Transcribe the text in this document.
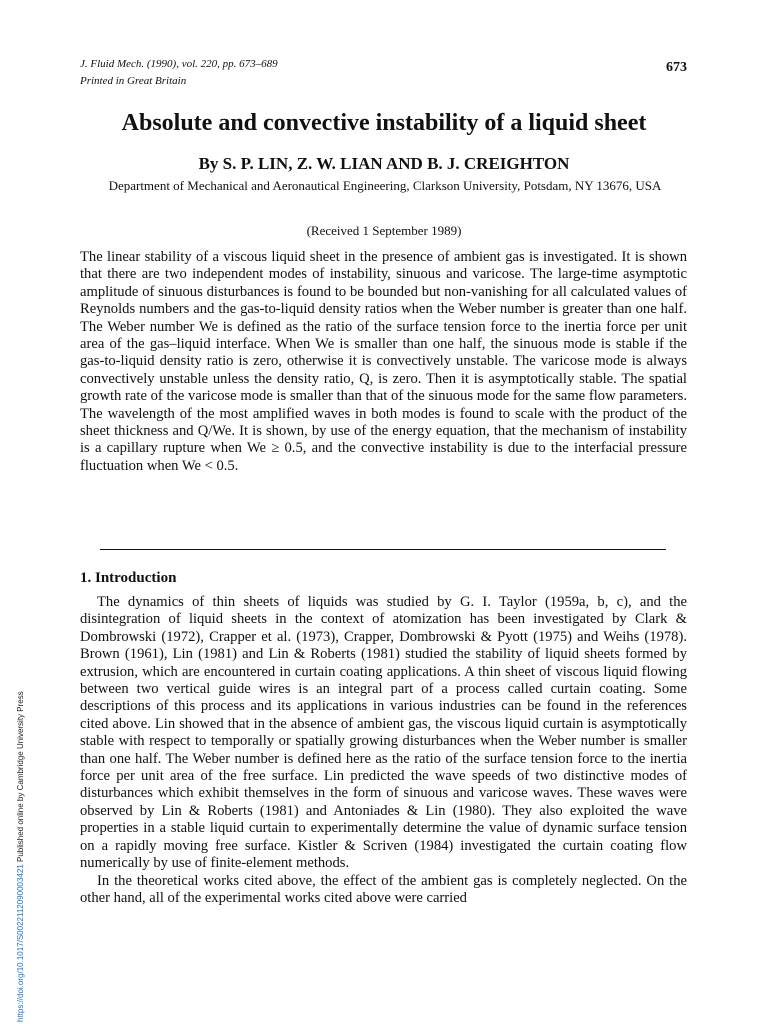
J. Fluid Mech. (1990), vol. 220, pp. 673–689	673
Printed in Great Britain
Absolute and convective instability of a liquid sheet
By S. P. LIN, Z. W. LIAN AND B. J. CREIGHTON
Department of Mechanical and Aeronautical Engineering, Clarkson University, Potsdam, NY 13676, USA
(Received 1 September 1989)

The linear stability of a viscous liquid sheet in the presence of ambient gas is investigated. It is shown that there are two independent modes of instability, sinuous and varicose. The large-time asymptotic amplitude of sinuous disturbances is found to be bounded but non-vanishing for all calculated values of Reynolds numbers and the gas-to-liquid density ratios when the Weber number is greater than one half. The Weber number We is defined as the ratio of the surface tension force to the inertia force per unit area of the gas–liquid interface. When We is smaller than one half, the sinuous mode is stable if the gas-to-liquid density ratio is zero, otherwise it is convectively unstable. The varicose mode is always convectively unstable unless the density ratio, Q, is zero. Then it is asymptotically stable. The spatial growth rate of the varicose mode is smaller than that of the sinuous mode for the same flow parameters. The wavelength of the most amplified waves in both modes is found to scale with the product of the sheet thickness and Q/We. It is shown, by use of the energy equation, that the mechanism of instability is a capillary rupture when We ≥ 0.5, and the convective instability is due to the interfacial pressure fluctuation when We < 0.5.

1. Introduction

The dynamics of thin sheets of liquids was studied by G. I. Taylor (1959a, b, c), and the disintegration of liquid sheets in the context of atomization has been investigated by Clark & Dombrowski (1972), Crapper et al. (1973), Crapper, Dombrowski & Pyott (1975) and Weihs (1978). Brown (1961), Lin (1981) and Lin & Roberts (1981) studied the stability of liquid sheets formed by extrusion, which are encountered in curtain coating applications. A thin sheet of viscous liquid flowing between two vertical guide wires is an integral part of a process called curtain coating. Some descriptions of this process and its applications in various industries can be found in the references cited above. Lin showed that in the absence of ambient gas, the viscous liquid curtain is asymptotically stable with respect to temporally or spatially growing disturbances when the Weber number is smaller than one half. The Weber number is defined here as the ratio of the surface tension force to the inertia force per unit area of the free surface. Lin predicted the wave speeds of two distinctive modes of disturbances which exhibit themselves in the form of sinuous and varicose waves. These waves were observed by Lin & Roberts (1981) and Antoniades & Lin (1980). They also exploited the wave properties in a stable liquid curtain to experimentally determine the value of dynamic surface tension on a rapidly moving free surface. Kistler & Scriven (1984) investigated the curtain coating flow numerically by use of finite-element methods.

In the theoretical works cited above, the effect of the ambient gas is completely neglected. On the other hand, all of the experimental works cited above were carried

https://doi.org/10.1017/S0022112090003421 Published online by Cambridge University Press
